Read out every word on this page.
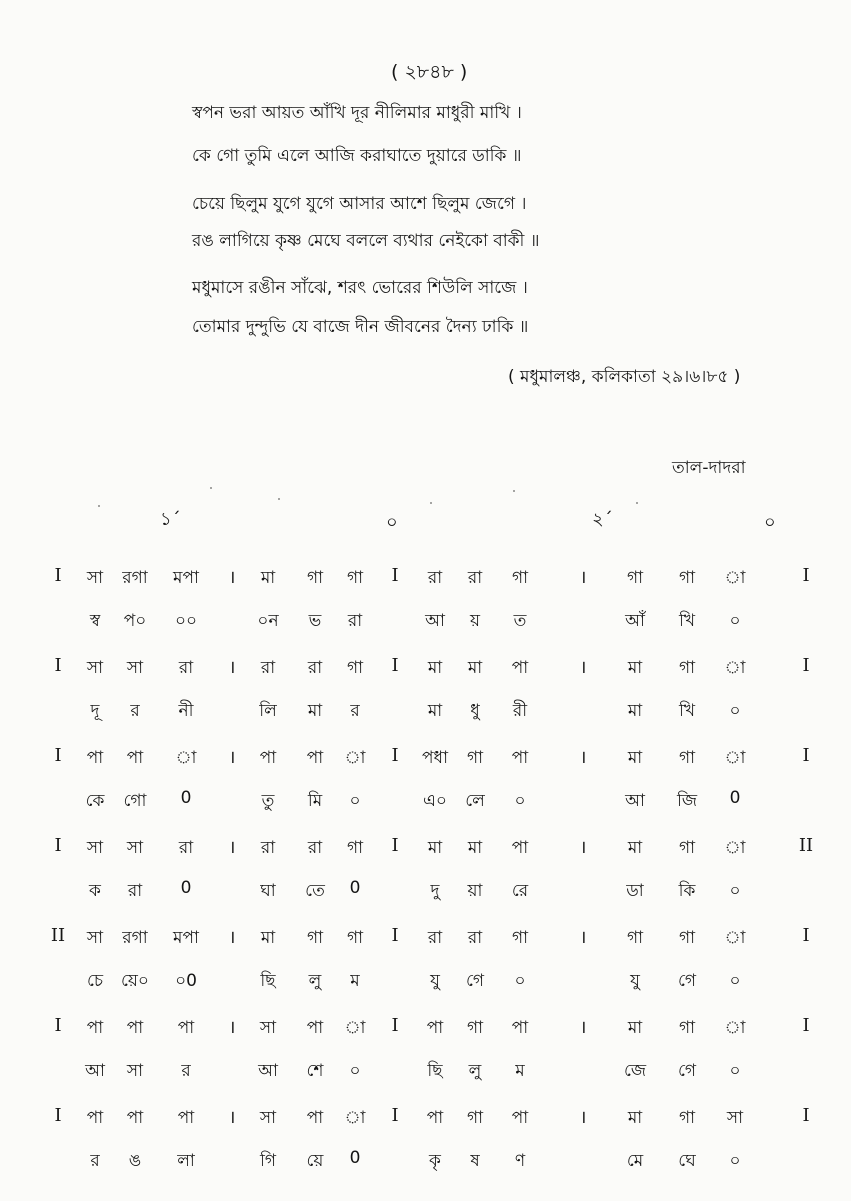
( ২৮৪৮ )
স্বপন ভরা আয়ত আঁখি দূর নীলিমার মাধুরী মাখি ।
কে গো তুমি এলে আজি করাঘাতে দুয়ারে ডাকি ॥
চেয়ে ছিলুম যুগে যুগে আসার আশে ছিলুম জেগে ।
রঙ লাগিয়ে কৃষ্ণ মেঘে বললে ব্যথার নেইকো বাকী ॥
মধুমাসে রঙীন সাঁঝে, শরৎ ভোরের শিউলি সাজে ।
তোমার দুন্দুভি যে বাজে দীন জীবনের দৈন্য ঢাকি ॥
( মধুমালঞ্চ, কলিকাতা ২৯।৬।৮৫ )
তাল-দাদরা
১´	০	২´	০
I সা রগা মপা । মা গা গা I রা রা গা	। গা গা া	I
স্ব প০ ০০	০ন ভ রা	আ য় ত	আঁ খি ০
I সা সা রা । রা রা গা I মা মা পা	। মা গা া	I
দূ র নী	লি মা র	মা ধু রী	মা খি ০
I পা পা া । পা পা া I পধা গা পা	। মা গা া	I
কে গো 0	তু মি ০	এ০ লে ০	আ জি 0
I সা সা রা । রা রা গা I মা মা পা	। মা গা া	II
ক রা 0	ঘা তে 0	দু য়া রে	ডা কি ০
II সা রগা মপা । মা গা গা I রা রা গা	। গা গা া	I
চে য়ে০ ০0	ছি লু ম	যু গে ০	যু গে ০
I পা পা পা । সা পা া I পা গা পা	। মা গা া	I
আ সা র	আ শে ০	ছি লু ম	জে গে ০
I পা পা পা । সা পা া I পা গা পা	। মা গা সা	I
র ঙ লা	গি য়ে 0	কৃ ষ ণ	মে ঘে ০
